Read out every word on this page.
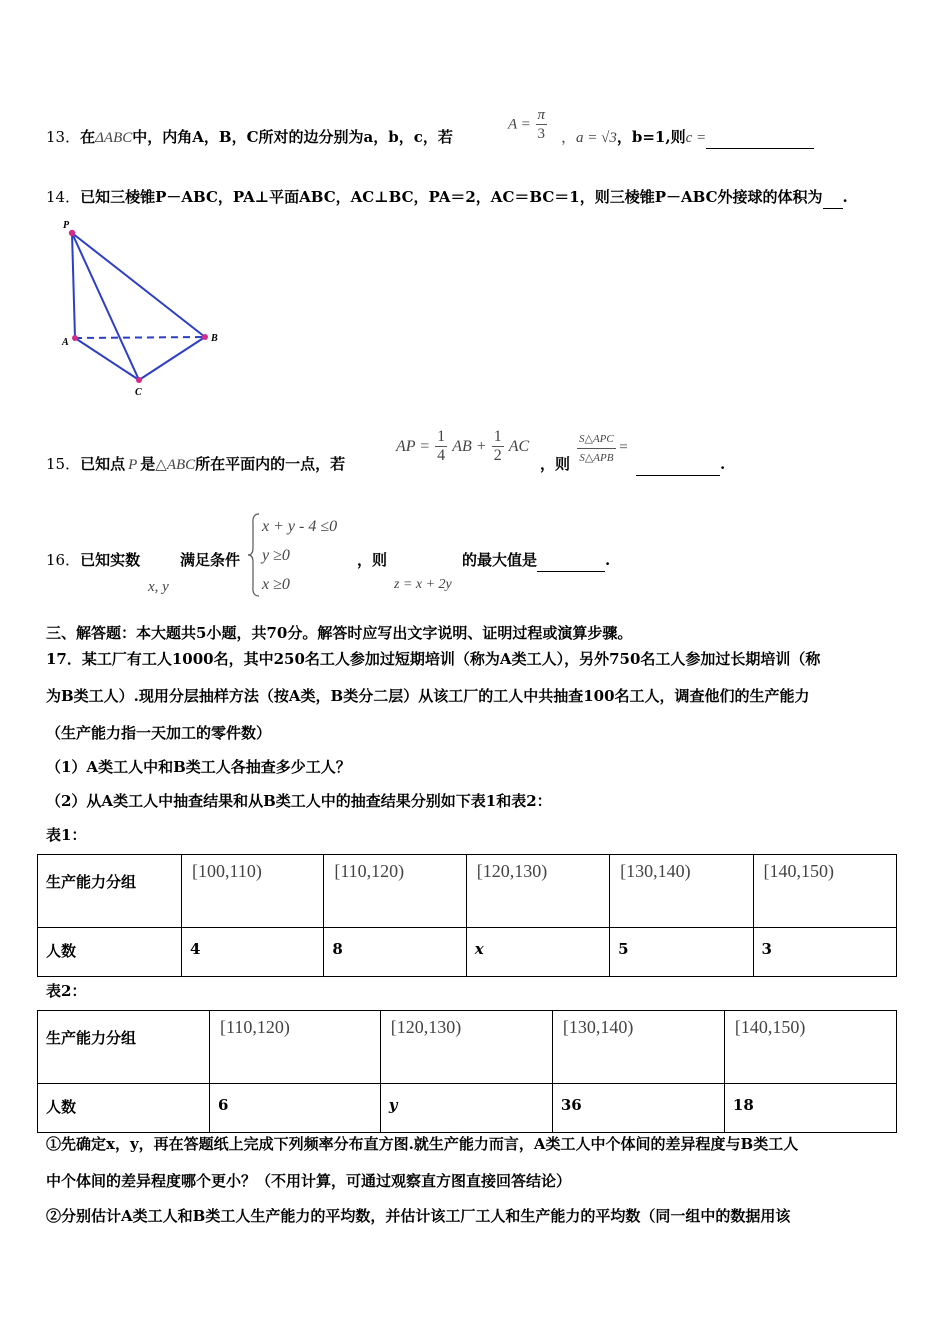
13．在ΔABC中，内角A，B，C所对的边分别为a，b，c，若
$A = \frac{\pi}{3}$ ，a = √3，b=1,则c =
14．已知三棱锥P－ABC，PA⊥平面ABC，AC⊥BC，PA＝2，AC＝BC＝1，则三棱锥P－ABC外接球的体积为 .
P
A	B
C
15．已知点 P 是△ABC所在平面内的一点，若
AP = $\frac{1}{4}$ AB + $\frac{1}{2}$ AC
，则 $\frac{\text{S△APC}}{\text{S△APB}}$ =
.
16．已知实数	满足条件
x, y
x + y - 4 ≤0
y ≥0
x ≥0
，则
z = x + 2y
的最大值是	.
三、解答题：本大题共5小题，共70分。解答时应写出文字说明、证明过程或演算步骤。
17．某工厂有工人1000名，其中250名工人参加过短期培训（称为A类工人），另外750名工人参加过长期培训（称
为B类工人）.现用分层抽样方法（按A类，B类分二层）从该工厂的工人中共抽查100名工人，调查他们的生产能力
（生产能力指一天加工的零件数）
（1）A类工人中和B类工人各抽查多少工人？
（2）从A类工人中抽查结果和从B类工人中的抽查结果分别如下表1和表2：
表1：
生产能力分组	[100,110)	[110,120)	[120,130)	[130,140)	[140,150)
人数	4	8	x	5	3
表2：
生产能力分组	[110,120)	[120,130)	[130,140)	[140,150)
人数	6	y	36	18
①先确定x，y，再在答题纸上完成下列频率分布直方图.就生产能力而言，A类工人中个体间的差异程度与B类工人
中个体间的差异程度哪个更小？（不用计算，可通过观察直方图直接回答结论）
②分别估计A类工人和B类工人生产能力的平均数，并估计该工厂工人和生产能力的平均数（同一组中的数据用该
